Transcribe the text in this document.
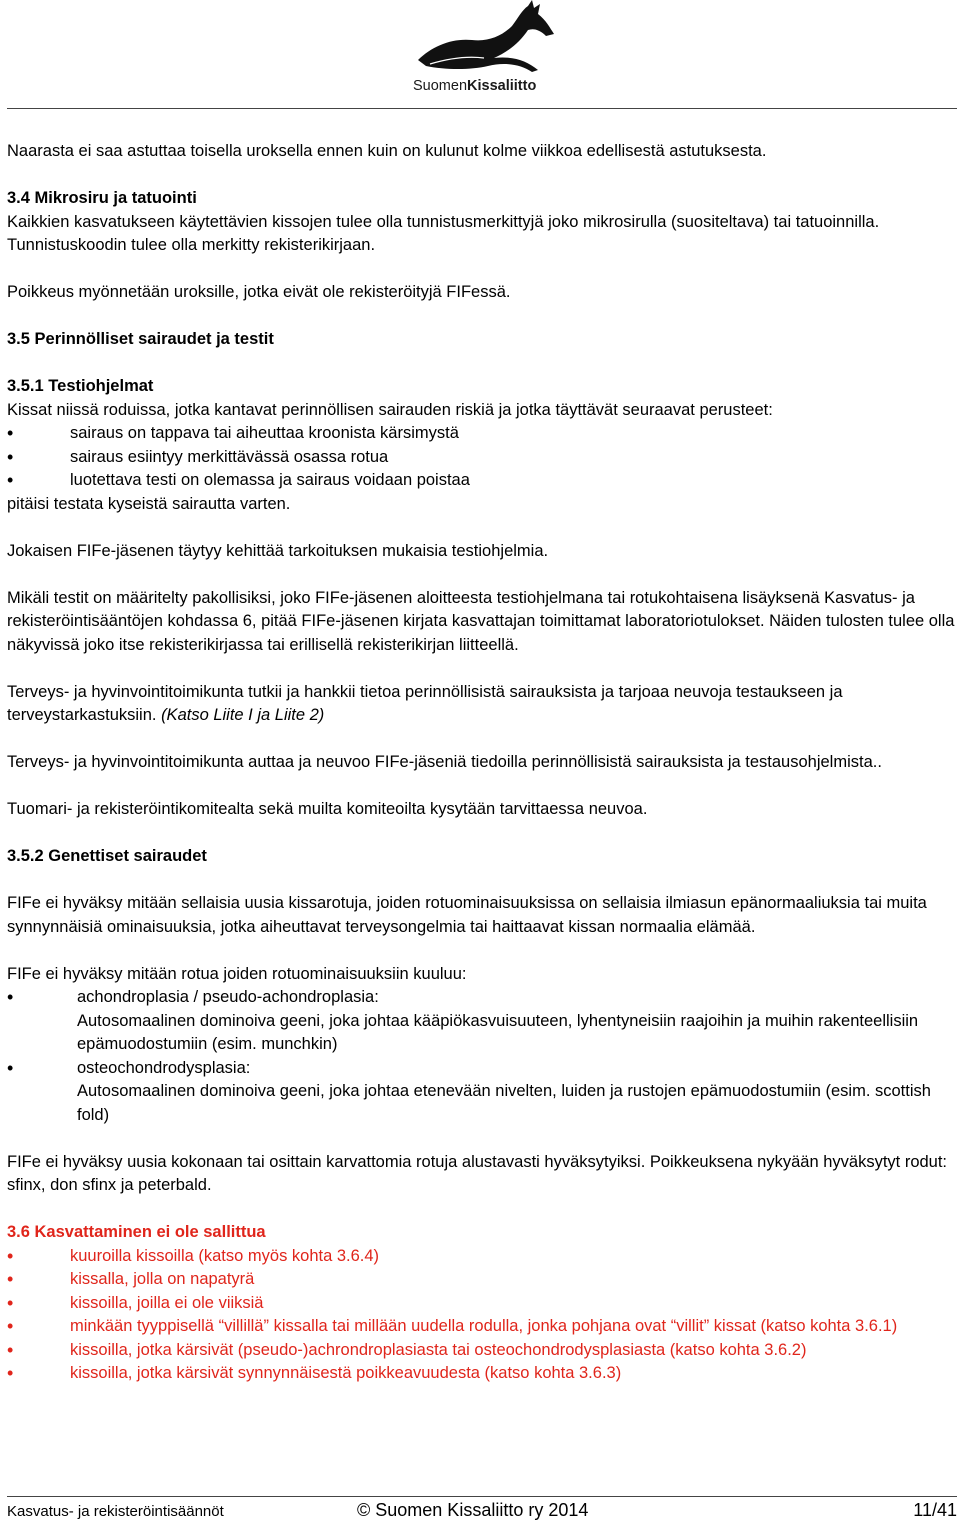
SuomenKissaliitto

Naarasta ei saa astuttaa toisella uroksella ennen kuin on kulunut kolme viikkoa edellisestä astutuksesta.

3.4 Mikrosiru ja tatuointi

Kaikkien kasvatukseen käytettävien kissojen tulee olla tunnistusmerkittyjä joko mikrosirulla (suositeltava) tai tatuoinnilla. Tunnistuskoodin tulee olla merkitty rekisterikirjaan.

Poikkeus myönnetään uroksille, jotka eivät ole rekisteröityjä FIFessä.

3.5 Perinnölliset sairaudet ja testit

3.5.1 Testiohjelmat

Kissat niissä roduissa, jotka kantavat perinnöllisen sairauden riskiä ja jotka täyttävät seuraavat perusteet:

• sairaus on tappava tai aiheuttaa kroonista kärsimystä
• sairaus esiintyy merkittävässä osassa rotua
• luotettava testi on olemassa ja sairaus voidaan poistaa

pitäisi testata kyseistä sairautta varten.

Jokaisen FIFe-jäsenen täytyy kehittää tarkoituksen mukaisia testiohjelmia.

Mikäli testit on määritelty pakollisiksi, joko FIFe-jäsenen aloitteesta testiohjelmana tai rotukohtaisena lisäyksenä Kasvatus- ja rekisteröintisääntöjen kohdassa 6, pitää FIFe-jäsenen kirjata kasvattajan toimittamat laboratoriotulokset. Näiden tulosten tulee olla näkyvissä joko itse rekisterikirjassa tai erillisellä rekisterikirjan liitteellä.

Terveys- ja hyvinvointitoimikunta tutkii ja hankkii tietoa perinnöllisistä sairauksista ja tarjoaa neuvoja testaukseen ja terveystarkastuksiin. (Katso Liite I ja Liite 2)

Terveys- ja hyvinvointitoimikunta auttaa ja neuvoo FIFe-jäseniä tiedoilla perinnöllisistä sairauksista ja testausohjelmista..

Tuomari- ja rekisteröintikomitealta sekä muilta komiteoilta kysytään tarvittaessa neuvoa.

3.5.2 Genettiset sairaudet

FIFe ei hyväksy mitään sellaisia uusia kissarotuja, joiden rotuominaisuuksissa on sellaisia ilmiasun epänormaaliuksia tai muita synnynnäisiä ominaisuuksia, jotka aiheuttavat terveysongelmia tai haittaavat kissan normaalia elämää.

FIFe ei hyväksy mitään rotua joiden rotuominaisuuksiin kuuluu:

• achondroplasia / pseudo-achondroplasia:
Autosomaalinen dominoiva geeni, joka johtaa kääpiökasvuisuuteen, lyhentyneisiin raajoihin ja muihin rakenteellisiin epämuodostumiin (esim. munchkin)
• osteochondrodysplasia:
Autosomaalinen dominoiva geeni, joka johtaa etenevään nivelten, luiden ja rustojen epämuodostumiin (esim. scottish fold)

FIFe ei hyväksy uusia kokonaan tai osittain karvattomia rotuja alustavasti hyväksytyiksi. Poikkeuksena nykyään hyväksytyt rodut: sfinx, don sfinx ja peterbald.

3.6 Kasvattaminen ei ole sallittua

• kuuroilla kissoilla (katso myös kohta 3.6.4)
• kissalla, jolla on napatyrä
• kissoilla, joilla ei ole viiksiä
• minkään tyyppisellä “villillä” kissalla tai millään uudella rodulla, jonka pohjana ovat “villit” kissat (katso kohta 3.6.1)
• kissoilla, jotka kärsivät (pseudo-)achrondroplasiasta tai osteochondrodysplasiasta (katso kohta 3.6.2)
• kissoilla, jotka kärsivät synnynnäisestä poikkeavuudesta (katso kohta 3.6.3)
Kasvatus- ja rekisteröintisäännöt	© Suomen Kissaliitto ry 2014	11/41
